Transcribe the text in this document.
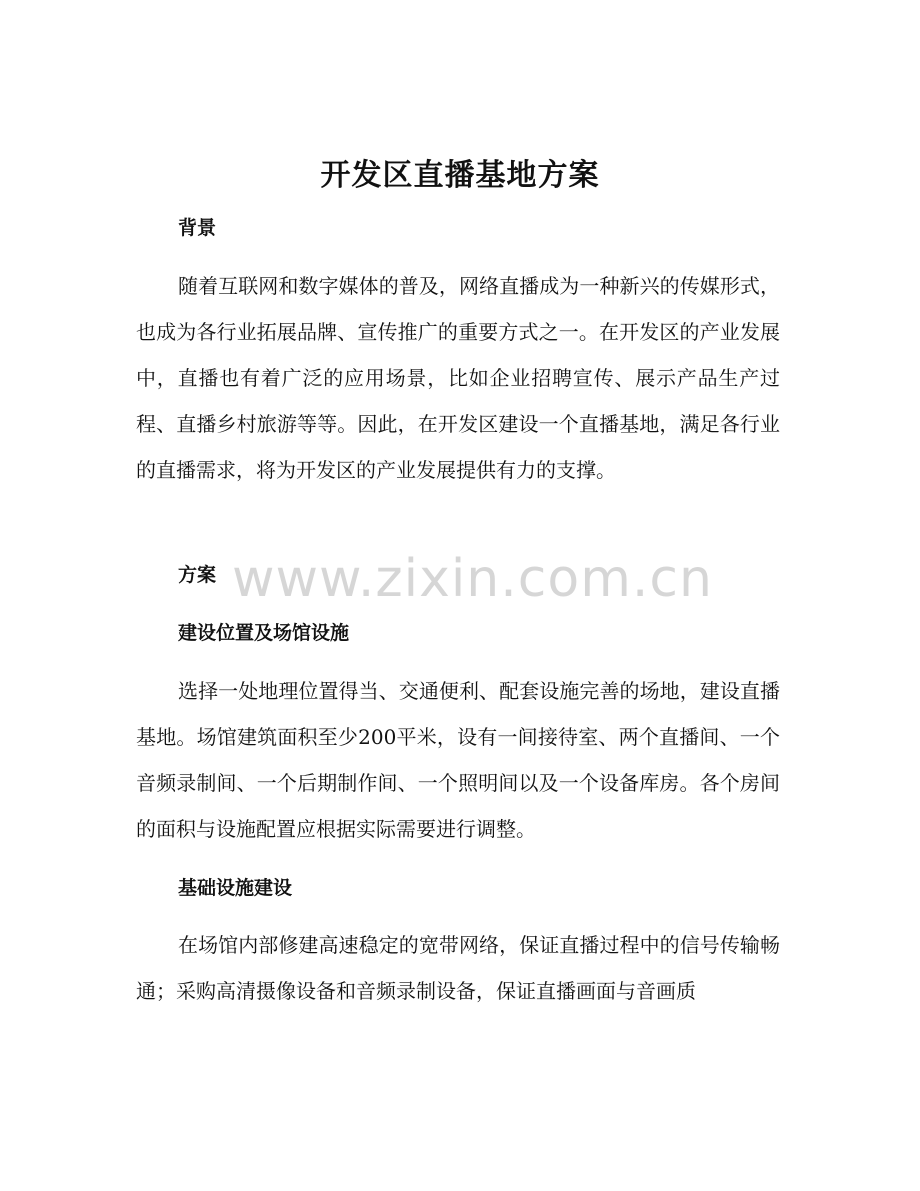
开发区直播基地方案
背景
随着互联网和数字媒体的普及，网络直播成为一种新兴的传媒形式，也成为各行业拓展品牌、宣传推广的重要方式之一。在开发区的产业发展中，直播也有着广泛的应用场景，比如企业招聘宣传、展示产品生产过程、直播乡村旅游等等。因此，在开发区建设一个直播基地，满足各行业的直播需求，将为开发区的产业发展提供有力的支撑。
方案 www.zixin.com.cn
建设位置及场馆设施
选择一处地理位置得当、交通便利、配套设施完善的场地，建设直播基地。场馆建筑面积至少200平米，设有一间接待室、两个直播间、一个音频录制间、一个后期制作间、一个照明间以及一个设备库房。各个房间的面积与设施配置应根据实际需要进行调整。
基础设施建设
在场馆内部修建高速稳定的宽带网络，保证直播过程中的信号传输畅通；采购高清摄像设备和音频录制设备，保证直播画面与音画质
